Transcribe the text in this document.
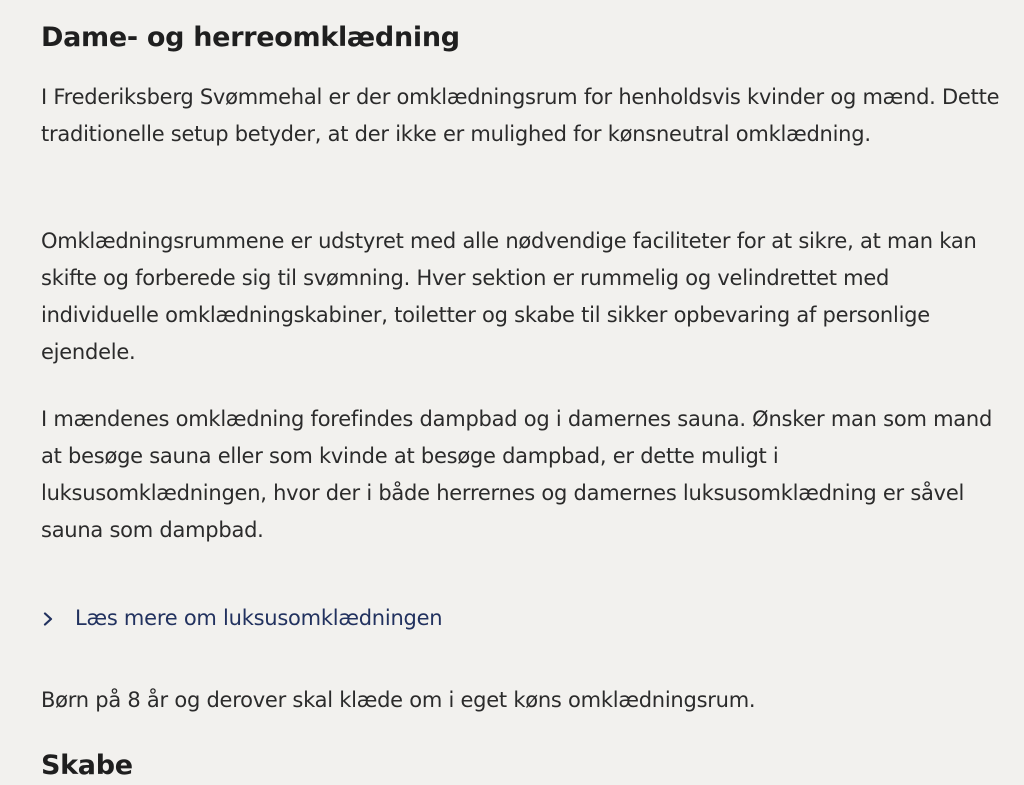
Dame- og herreomklædning

I Frederiksberg Svømmehal er der omklædningsrum for henholdsvis kvinder og mænd. Dette traditionelle setup betyder, at der ikke er mulighed for kønsneutral omklædning.

Omklædningsrummene er udstyret med alle nødvendige faciliteter for at sikre, at man kan skifte og forberede sig til svømning. Hver sektion er rummelig og velindrettet med individuelle omklædningskabiner, toiletter og skabe til sikker opbevaring af personlige ejendele.

I mændenes omklædning forefindes dampbad og i damernes sauna. Ønsker man som mand at besøge sauna eller som kvinde at besøge dampbad, er dette muligt i luksusomklædningen, hvor der i både herrernes og damernes luksusomklædning er såvel sauna som dampbad.

Læs mere om luksusomklædningen

Børn på 8 år og derover skal klæde om i eget køns omklædningsrum.

Skabe
